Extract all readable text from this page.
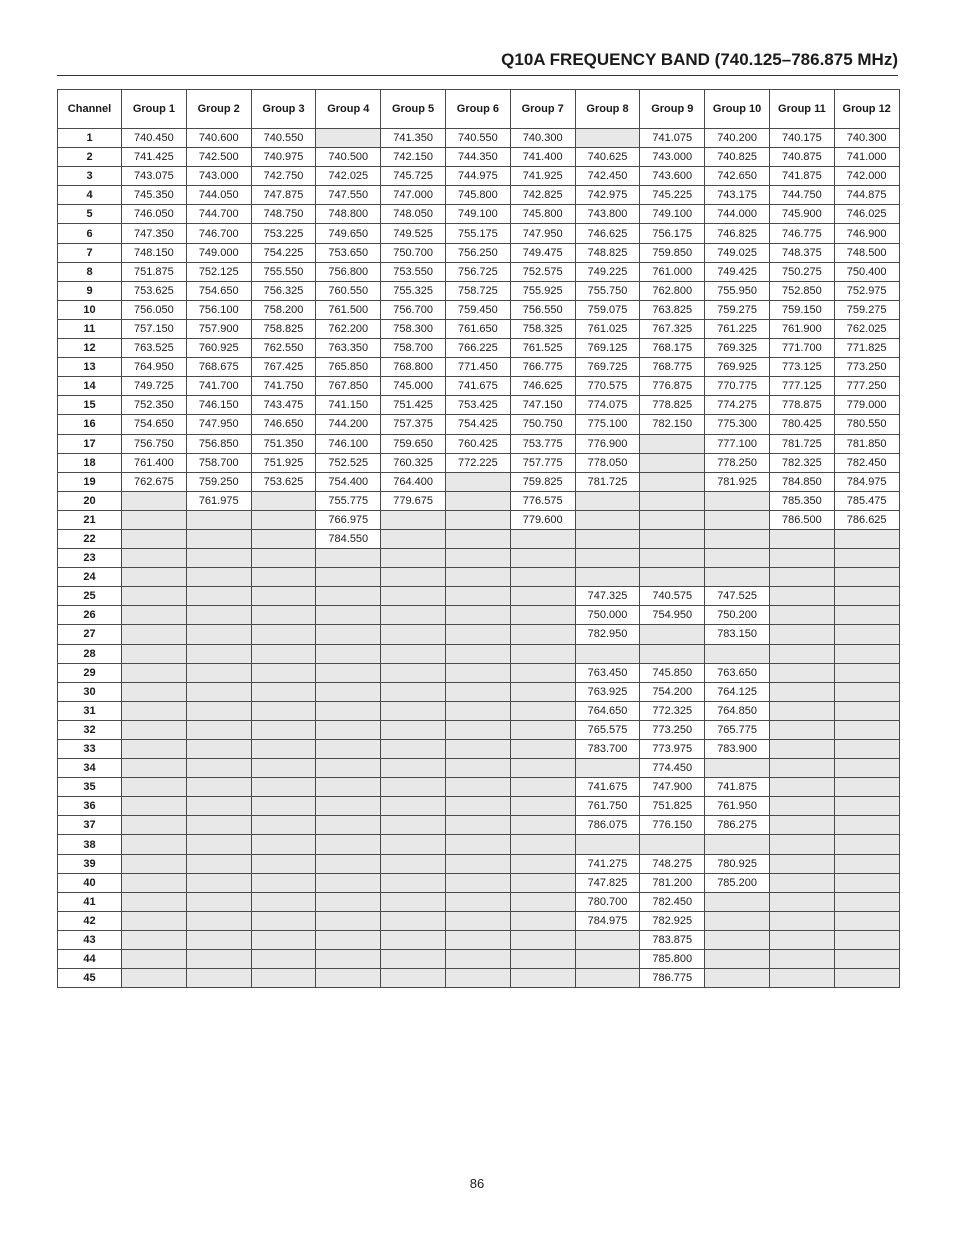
Q10A FREQUENCY BAND (740.125–786.875 MHz)
Channel	Group 1	Group 2	Group 3	Group 4	Group 5	Group 6	Group 7	Group 8	Group 9	Group 10	Group 11	Group 12
1	740.450	740.600	740.550		741.350	740.550	740.300		741.075	740.200	740.175	740.300
2	741.425	742.500	740.975	740.500	742.150	744.350	741.400	740.625	743.000	740.825	740.875	741.000
3	743.075	743.000	742.750	742.025	745.725	744.975	741.925	742.450	743.600	742.650	741.875	742.000
4	745.350	744.050	747.875	747.550	747.000	745.800	742.825	742.975	745.225	743.175	744.750	744.875
5	746.050	744.700	748.750	748.800	748.050	749.100	745.800	743.800	749.100	744.000	745.900	746.025
6	747.350	746.700	753.225	749.650	749.525	755.175	747.950	746.625	756.175	746.825	746.775	746.900
7	748.150	749.000	754.225	753.650	750.700	756.250	749.475	748.825	759.850	749.025	748.375	748.500
8	751.875	752.125	755.550	756.800	753.550	756.725	752.575	749.225	761.000	749.425	750.275	750.400
9	753.625	754.650	756.325	760.550	755.325	758.725	755.925	755.750	762.800	755.950	752.850	752.975
10	756.050	756.100	758.200	761.500	756.700	759.450	756.550	759.075	763.825	759.275	759.150	759.275
11	757.150	757.900	758.825	762.200	758.300	761.650	758.325	761.025	767.325	761.225	761.900	762.025
12	763.525	760.925	762.550	763.350	758.700	766.225	761.525	769.125	768.175	769.325	771.700	771.825
13	764.950	768.675	767.425	765.850	768.800	771.450	766.775	769.725	768.775	769.925	773.125	773.250
14	749.725	741.700	741.750	767.850	745.000	741.675	746.625	770.575	776.875	770.775	777.125	777.250
15	752.350	746.150	743.475	741.150	751.425	753.425	747.150	774.075	778.825	774.275	778.875	779.000
16	754.650	747.950	746.650	744.200	757.375	754.425	750.750	775.100	782.150	775.300	780.425	780.550
17	756.750	756.850	751.350	746.100	759.650	760.425	753.775	776.900		777.100	781.725	781.850
18	761.400	758.700	751.925	752.525	760.325	772.225	757.775	778.050		778.250	782.325	782.450
19	762.675	759.250	753.625	754.400	764.400		759.825	781.725		781.925	784.850	784.975
20		761.975		755.775	779.675		776.575				785.350	785.475
21				766.975			779.600				786.500	786.625
22				784.550								
23												
24												
25								747.325	740.575	747.525		
26								750.000	754.950	750.200		
27								782.950		783.150		
28												
29								763.450	745.850	763.650		
30								763.925	754.200	764.125		
31								764.650	772.325	764.850		
32								765.575	773.250	765.775		
33								783.700	773.975	783.900		
34									774.450			
35								741.675	747.900	741.875		
36								761.750	751.825	761.950		
37								786.075	776.150	786.275		
38												
39								741.275	748.275	780.925		
40								747.825	781.200	785.200		
41								780.700	782.450			
42								784.975	782.925			
43									783.875			
44									785.800			
45									786.775			
86
